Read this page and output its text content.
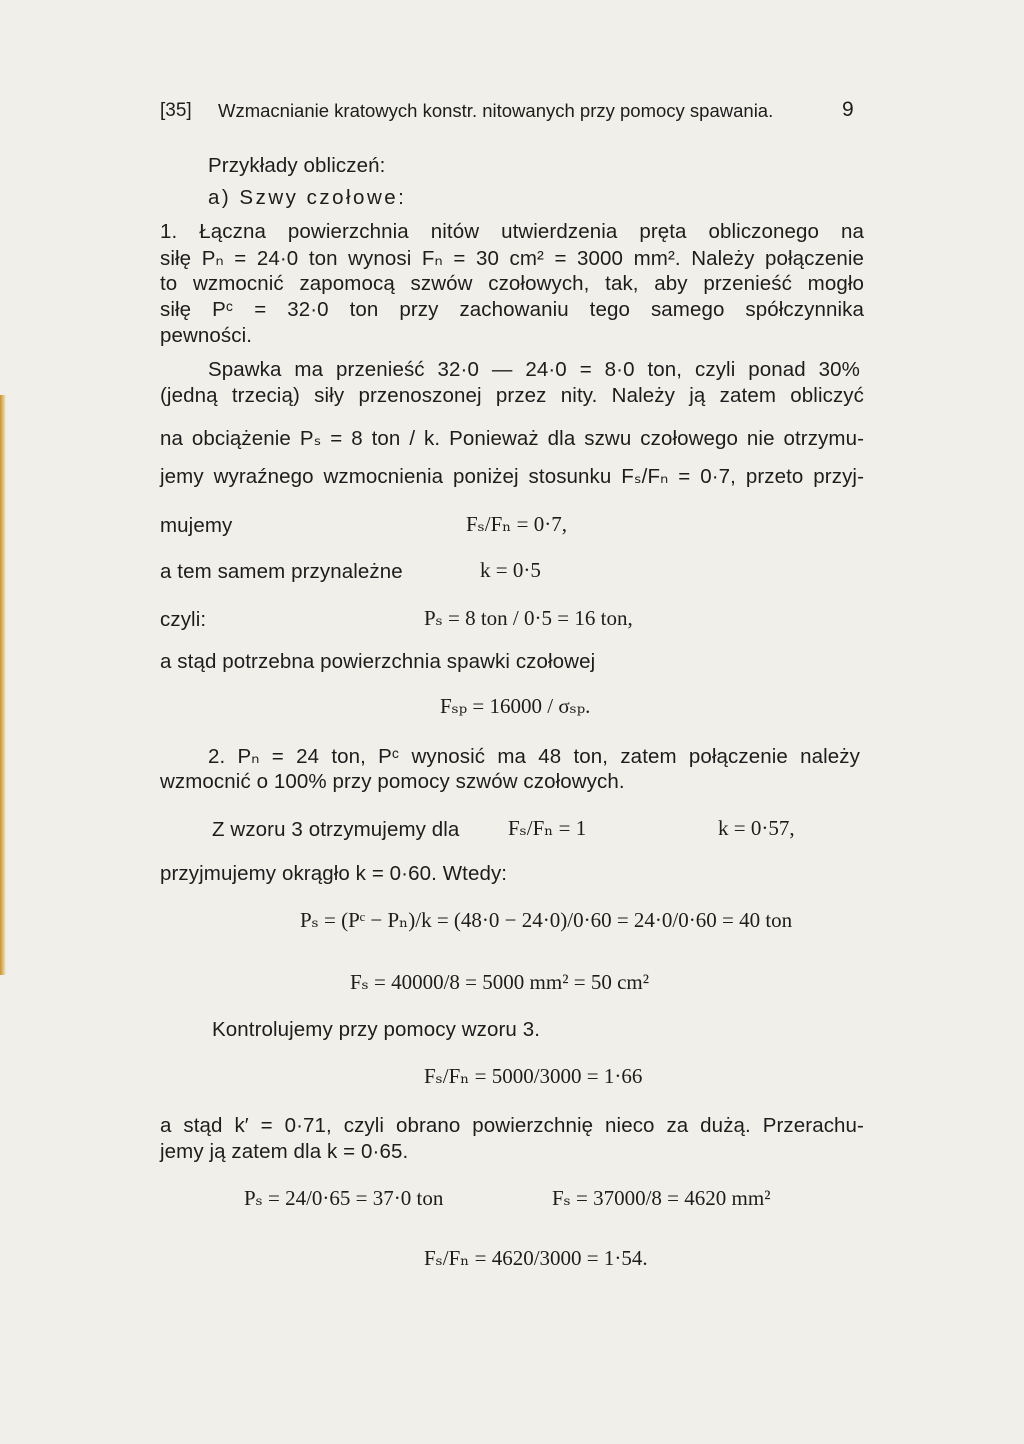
[35] Wzmacnianie kratowych konstr. nitowanych przy pomocy spawania.	9
Przykłady obliczeń:
a) Szwy czołowe:
1. Łączna powierzchnia nitów utwierdzenia pręta obliczonego na
siłę Pₙ = 24·0 ton wynosi Fₙ = 30 cm² = 3000 mm². Należy połączenie
to wzmocnić zapomocą szwów czołowych, tak, aby przenieść mogło
siłę Pᶜ = 32·0 ton przy zachowaniu tego samego spółczynnika
pewności.
Spawka ma przenieść 32·0 — 24·0 = 8·0 ton, czyli ponad 30%
(jedną trzecią) siły przenoszonej przez nity. Należy ją zatem obliczyć
na obciążenie Pₛ = 8 ton / k. Ponieważ dla szwu czołowego nie otrzymu-
jemy wyraźnego wzmocnienia poniżej stosunku Fₛ/Fₙ = 0·7, przeto przyj-
mujemy	Fₛ/Fₙ = 0·7,
a tem samem przynależne	k = 0·5
czyli:	Pₛ = 8 ton / 0·5 = 16 ton,
a stąd potrzebna powierzchnia spawki czołowej
Fₛₚ = 16000 / σₛₚ.
2. Pₙ = 24 ton, Pᶜ wynosić ma 48 ton, zatem połączenie należy
wzmocnić o 100% przy pomocy szwów czołowych.
Z wzoru 3 otrzymujemy dla Fₛ/Fₙ = 1	k = 0·57,
przyjmujemy okrągło k = 0·60. Wtedy:
Pₛ = (Pᶜ − Pₙ)/k = (48·0 − 24·0)/0·60 = 24·0/0·60 = 40 ton
Fₛ = 40000/8 = 5000 mm² = 50 cm²
Kontrolujemy przy pomocy wzoru 3.
Fₛ/Fₙ = 5000/3000 = 1·66
a stąd k′ = 0·71, czyli obrano powierzchnię nieco za dużą. Przerachu-
jemy ją zatem dla k = 0·65.
Pₛ = 24/0·65 = 37·0 ton	Fₛ = 37000/8 = 4620 mm²
Fₛ/Fₙ = 4620/3000 = 1·54.
